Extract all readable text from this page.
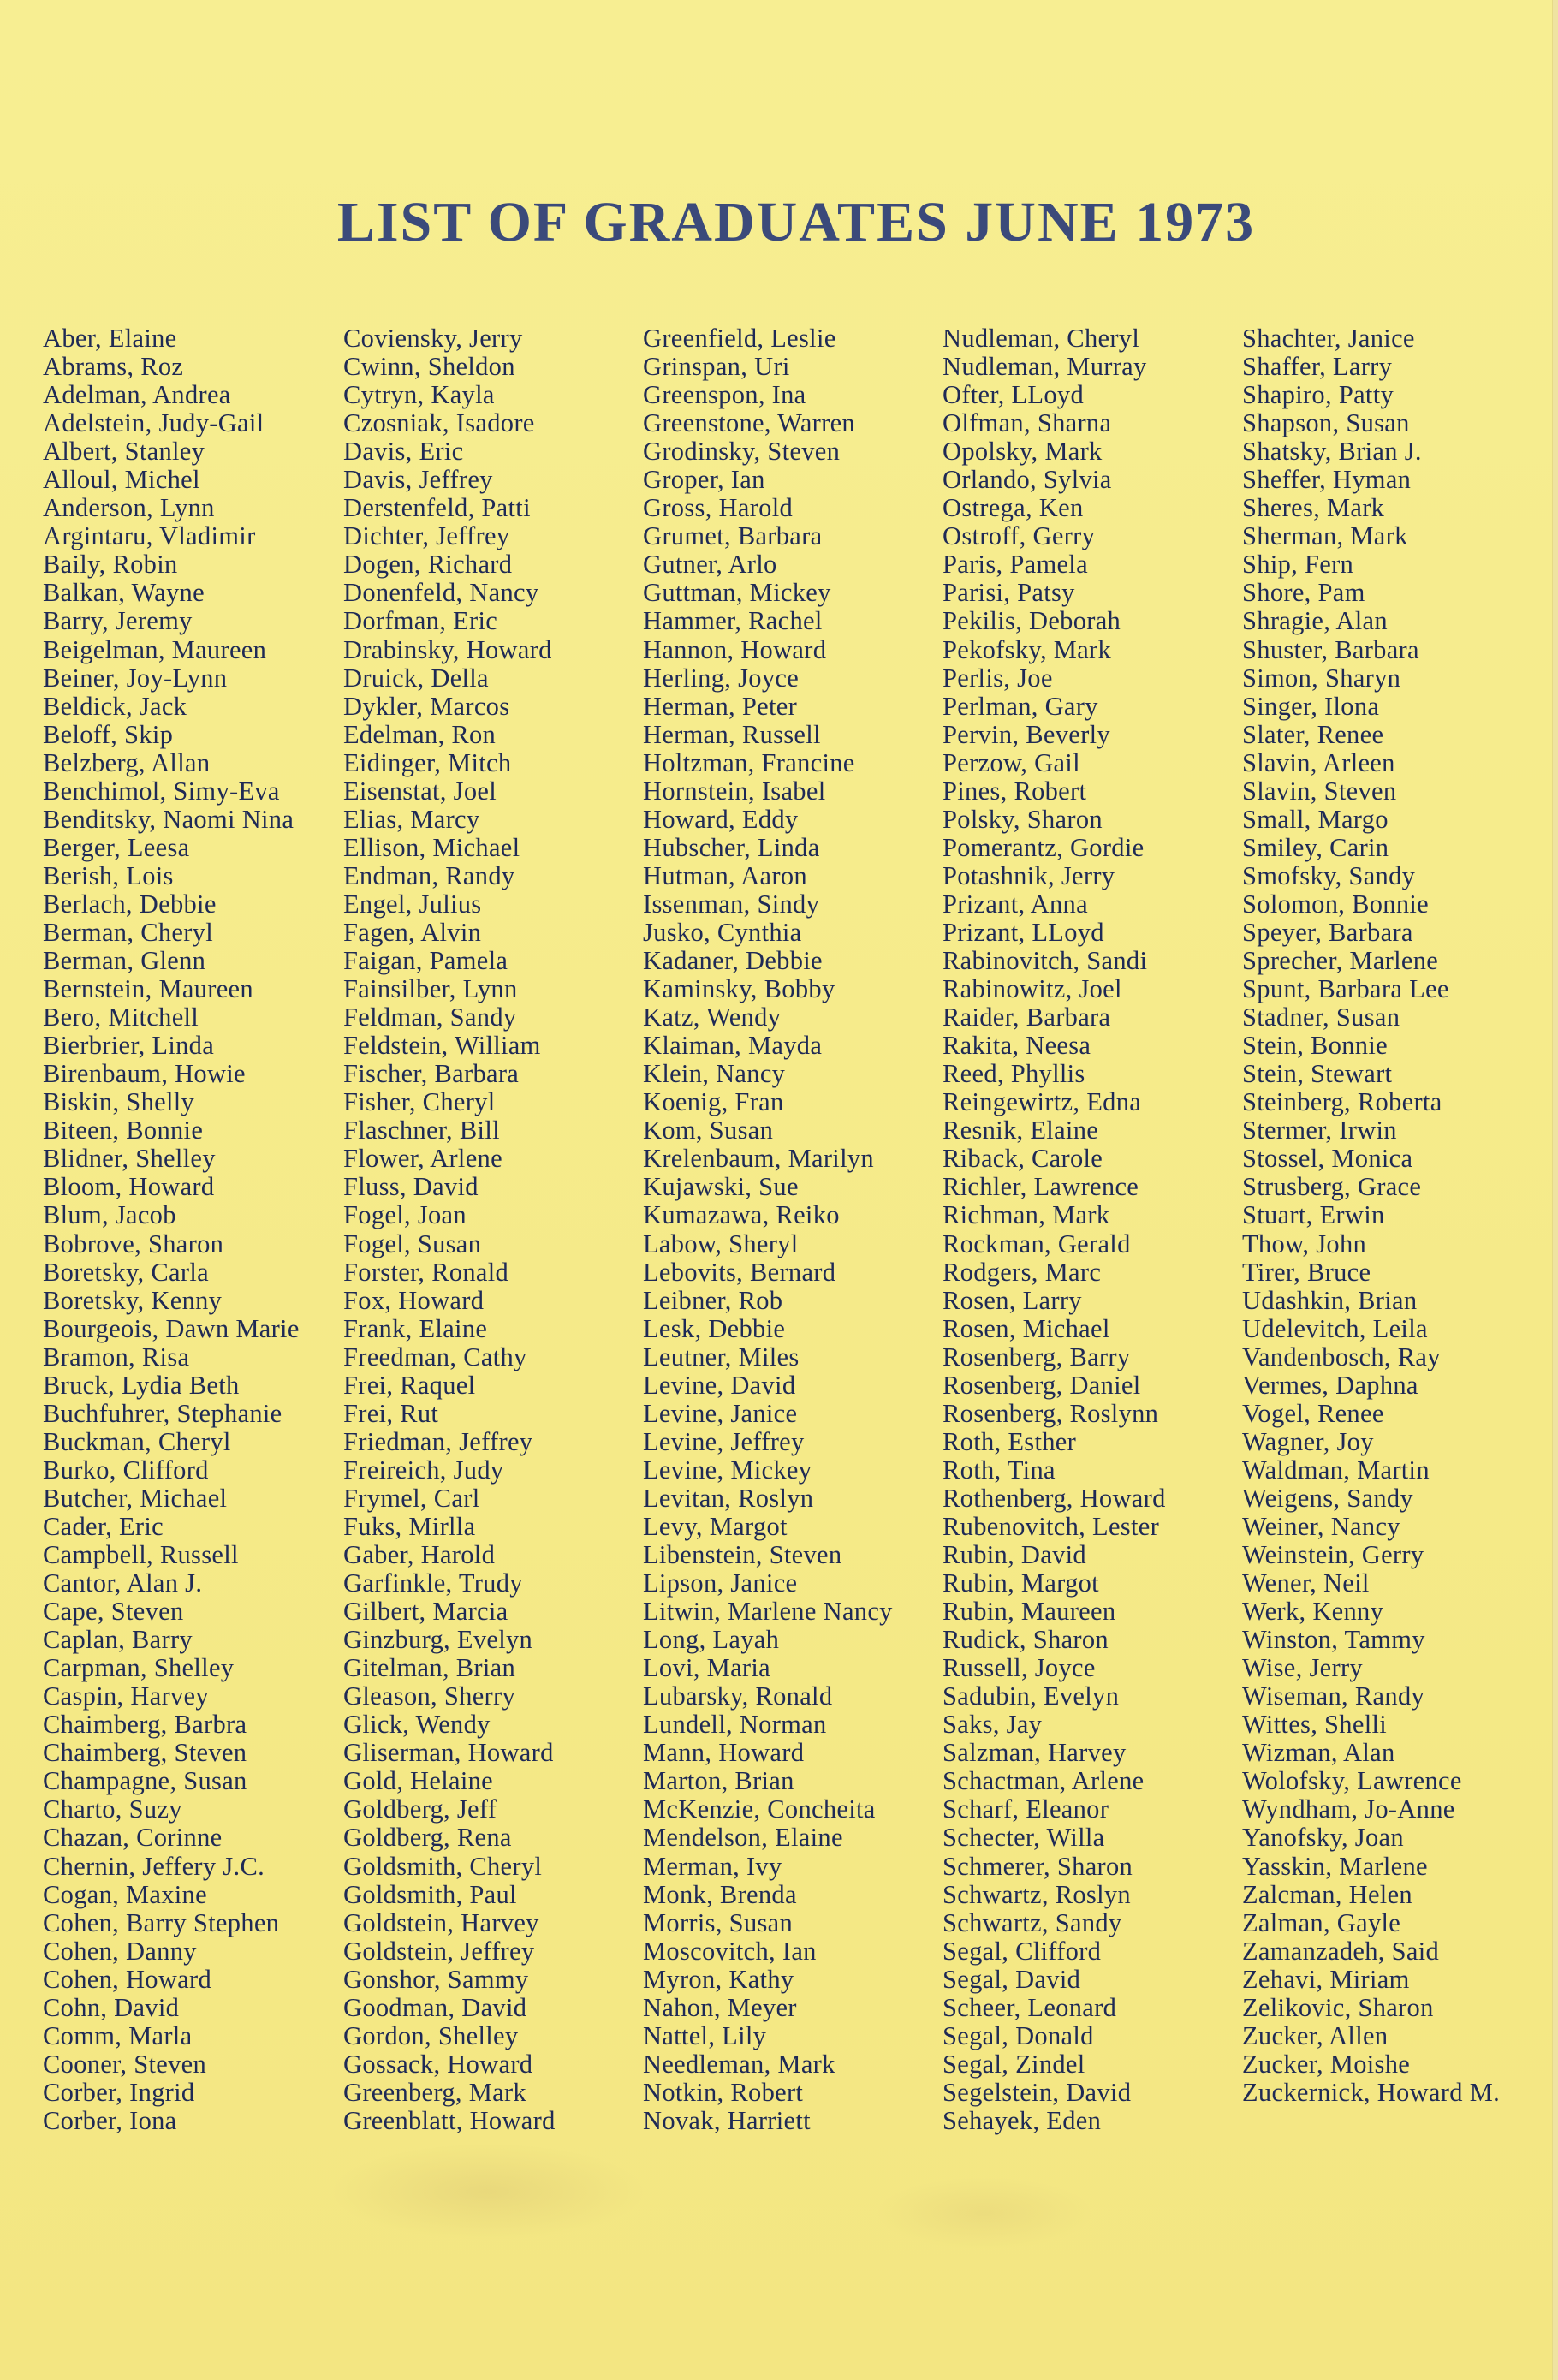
LIST OF GRADUATES JUNE 1973
Aber, Elaine
Abrams, Roz
Adelman, Andrea
Adelstein, Judy-Gail
Albert, Stanley
Alloul, Michel
Anderson, Lynn
Argintaru, Vladimir
Baily, Robin
Balkan, Wayne
Barry, Jeremy
Beigelman, Maureen
Beiner, Joy-Lynn
Beldick, Jack
Beloff, Skip
Belzberg, Allan
Benchimol, Simy-Eva
Benditsky, Naomi Nina
Berger, Leesa
Berish, Lois
Berlach, Debbie
Berman, Cheryl
Berman, Glenn
Bernstein, Maureen
Bero, Mitchell
Bierbrier, Linda
Birenbaum, Howie
Biskin, Shelly
Biteen, Bonnie
Blidner, Shelley
Bloom, Howard
Blum, Jacob
Bobrove, Sharon
Boretsky, Carla
Boretsky, Kenny
Bourgeois, Dawn Marie
Bramon, Risa
Bruck, Lydia Beth
Buchfuhrer, Stephanie
Buckman, Cheryl
Burko, Clifford
Butcher, Michael
Cader, Eric
Campbell, Russell
Cantor, Alan J.
Cape, Steven
Caplan, Barry
Carpman, Shelley
Caspin, Harvey
Chaimberg, Barbra
Chaimberg, Steven
Champagne, Susan
Charto, Suzy
Chazan, Corinne
Chernin, Jeffery J.C.
Cogan, Maxine
Cohen, Barry Stephen
Cohen, Danny
Cohen, Howard
Cohn, David
Comm, Marla
Cooner, Steven
Corber, Ingrid
Corber, Iona
Coviensky, Jerry
Cwinn, Sheldon
Cytryn, Kayla
Czosniak, Isadore
Davis, Eric
Davis, Jeffrey
Derstenfeld, Patti
Dichter, Jeffrey
Dogen, Richard
Donenfeld, Nancy
Dorfman, Eric
Drabinsky, Howard
Druick, Della
Dykler, Marcos
Edelman, Ron
Eidinger, Mitch
Eisenstat, Joel
Elias, Marcy
Ellison, Michael
Endman, Randy
Engel, Julius
Fagen, Alvin
Faigan, Pamela
Fainsilber, Lynn
Feldman, Sandy
Feldstein, William
Fischer, Barbara
Fisher, Cheryl
Flaschner, Bill
Flower, Arlene
Fluss, David
Fogel, Joan
Fogel, Susan
Forster, Ronald
Fox, Howard
Frank, Elaine
Freedman, Cathy
Frei, Raquel
Frei, Rut
Friedman, Jeffrey
Freireich, Judy
Frymel, Carl
Fuks, Mirlla
Gaber, Harold
Garfinkle, Trudy
Gilbert, Marcia
Ginzburg, Evelyn
Gitelman, Brian
Gleason, Sherry
Glick, Wendy
Gliserman, Howard
Gold, Helaine
Goldberg, Jeff
Goldberg, Rena
Goldsmith, Cheryl
Goldsmith, Paul
Goldstein, Harvey
Goldstein, Jeffrey
Gonshor, Sammy
Goodman, David
Gordon, Shelley
Gossack, Howard
Greenberg, Mark
Greenblatt, Howard
Greenfield, Leslie
Grinspan, Uri
Greenspon, Ina
Greenstone, Warren
Grodinsky, Steven
Groper, Ian
Gross, Harold
Grumet, Barbara
Gutner, Arlo
Guttman, Mickey
Hammer, Rachel
Hannon, Howard
Herling, Joyce
Herman, Peter
Herman, Russell
Holtzman, Francine
Hornstein, Isabel
Howard, Eddy
Hubscher, Linda
Hutman, Aaron
Issenman, Sindy
Jusko, Cynthia
Kadaner, Debbie
Kaminsky, Bobby
Katz, Wendy
Klaiman, Mayda
Klein, Nancy
Koenig, Fran
Kom, Susan
Krelenbaum, Marilyn
Kujawski, Sue
Kumazawa, Reiko
Labow, Sheryl
Lebovits, Bernard
Leibner, Rob
Lesk, Debbie
Leutner, Miles
Levine, David
Levine, Janice
Levine, Jeffrey
Levine, Mickey
Levitan, Roslyn
Levy, Margot
Libenstein, Steven
Lipson, Janice
Litwin, Marlene Nancy
Long, Layah
Lovi, Maria
Lubarsky, Ronald
Lundell, Norman
Mann, Howard
Marton, Brian
McKenzie, Concheita
Mendelson, Elaine
Merman, Ivy
Monk, Brenda
Morris, Susan
Moscovitch, Ian
Myron, Kathy
Nahon, Meyer
Nattel, Lily
Needleman, Mark
Notkin, Robert
Novak, Harriett
Nudleman, Cheryl
Nudleman, Murray
Ofter, LLoyd
Olfman, Sharna
Opolsky, Mark
Orlando, Sylvia
Ostrega, Ken
Ostroff, Gerry
Paris, Pamela
Parisi, Patsy
Pekilis, Deborah
Pekofsky, Mark
Perlis, Joe
Perlman, Gary
Pervin, Beverly
Perzow, Gail
Pines, Robert
Polsky, Sharon
Pomerantz, Gordie
Potashnik, Jerry
Prizant, Anna
Prizant, LLoyd
Rabinovitch, Sandi
Rabinowitz, Joel
Raider, Barbara
Rakita, Neesa
Reed, Phyllis
Reingewirtz, Edna
Resnik, Elaine
Riback, Carole
Richler, Lawrence
Richman, Mark
Rockman, Gerald
Rodgers, Marc
Rosen, Larry
Rosen, Michael
Rosenberg, Barry
Rosenberg, Daniel
Rosenberg, Roslynn
Roth, Esther
Roth, Tina
Rothenberg, Howard
Rubenovitch, Lester
Rubin, David
Rubin, Margot
Rubin, Maureen
Rudick, Sharon
Russell, Joyce
Sadubin, Evelyn
Saks, Jay
Salzman, Harvey
Schactman, Arlene
Scharf, Eleanor
Schecter, Willa
Schmerer, Sharon
Schwartz, Roslyn
Schwartz, Sandy
Segal, Clifford
Segal, David
Scheer, Leonard
Segal, Donald
Segal, Zindel
Segelstein, David
Sehayek, Eden
Shachter, Janice
Shaffer, Larry
Shapiro, Patty
Shapson, Susan
Shatsky, Brian J.
Sheffer, Hyman
Sheres, Mark
Sherman, Mark
Ship, Fern
Shore, Pam
Shragie, Alan
Shuster, Barbara
Simon, Sharyn
Singer, Ilona
Slater, Renee
Slavin, Arleen
Slavin, Steven
Small, Margo
Smiley, Carin
Smofsky, Sandy
Solomon, Bonnie
Speyer, Barbara
Sprecher, Marlene
Spunt, Barbara Lee
Stadner, Susan
Stein, Bonnie
Stein, Stewart
Steinberg, Roberta
Stermer, Irwin
Stossel, Monica
Strusberg, Grace
Stuart, Erwin
Thow, John
Tirer, Bruce
Udashkin, Brian
Udelevitch, Leila
Vandenbosch, Ray
Vermes, Daphna
Vogel, Renee
Wagner, Joy
Waldman, Martin
Weigens, Sandy
Weiner, Nancy
Weinstein, Gerry
Wener, Neil
Werk, Kenny
Winston, Tammy
Wise, Jerry
Wiseman, Randy
Wittes, Shelli
Wizman, Alan
Wolofsky, Lawrence
Wyndham, Jo-Anne
Yanofsky, Joan
Yasskin, Marlene
Zalcman, Helen
Zalman, Gayle
Zamanzadeh, Said
Zehavi, Miriam
Zelikovic, Sharon
Zucker, Allen
Zucker, Moishe
Zuckernick, Howard M.
